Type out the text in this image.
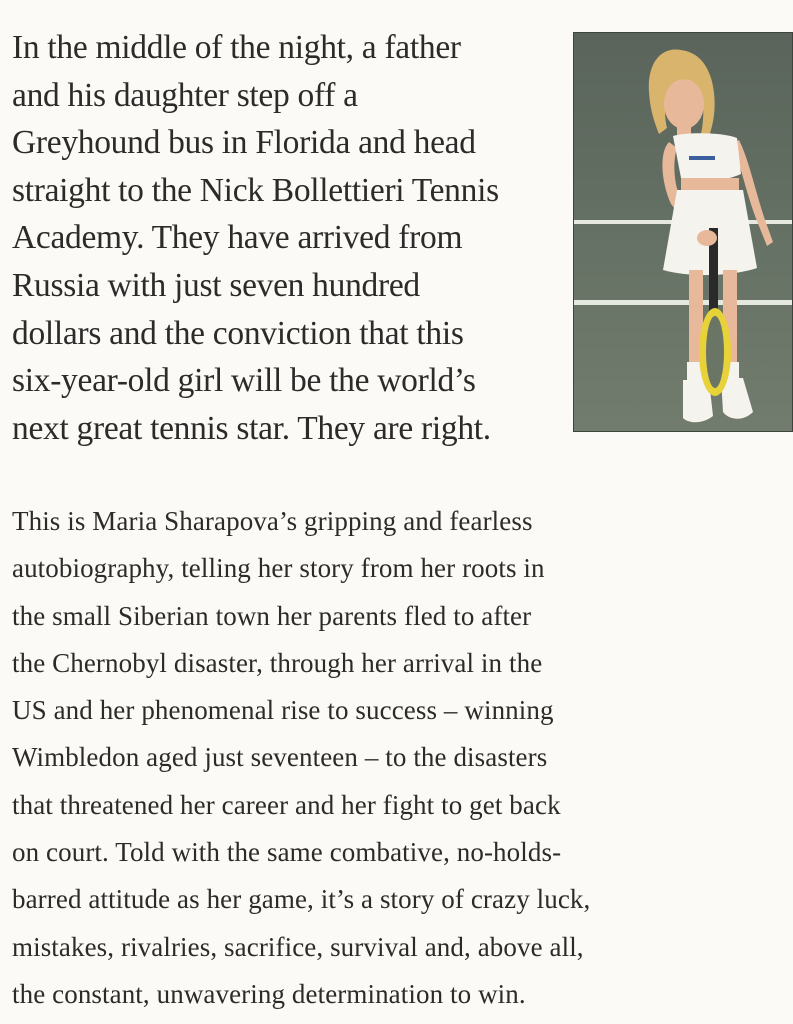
In the middle of the night, a father
and his daughter step off a
Greyhound bus in Florida and head
straight to the Nick Bollettieri Tennis
Academy. They have arrived from
Russia with just seven hundred
dollars and the conviction that this
six-year-old girl will be the world’s
next great tennis star. They are right.

This is Maria Sharapova’s gripping and fearless
autobiography, telling her story from her roots in
the small Siberian town her parents fled to after
the Chernobyl disaster, through her arrival in the
US and her phenomenal rise to success – winning
Wimbledon aged just seventeen – to the disasters
that threatened her career and her fight to get back
on court. Told with the same combative, no-holds-
barred attitude as her game, it’s a story of crazy luck,
mistakes, rivalries, sacrifice, survival and, above all,
the constant, unwavering determination to win.
